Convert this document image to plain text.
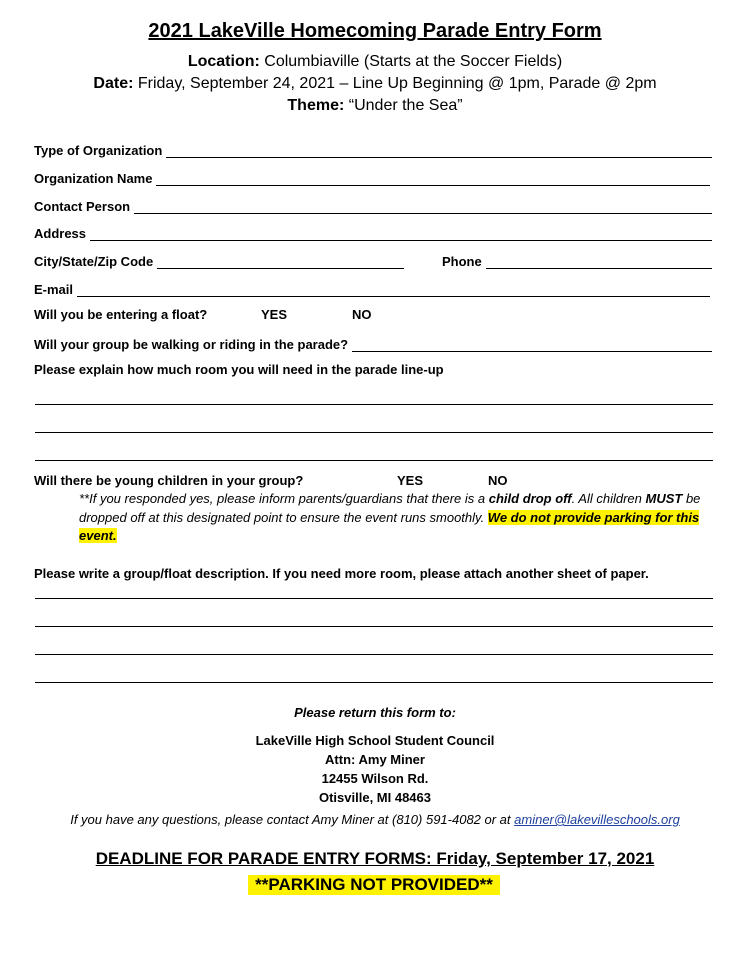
2021 LakeVille Homecoming Parade Entry Form
Location: Columbiaville (Starts at the Soccer Fields)
Date: Friday, September 24, 2021 – Line Up Beginning @ 1pm, Parade @ 2pm
Theme: “Under the Sea”
Type of Organization
Organization Name
Contact Person
Address
City/State/Zip Code	Phone
E-mail
Will you be entering a float?	YES	NO
Will your group be walking or riding in the parade?
Please explain how much room you will need in the parade line-up
Will there be young children in your group?	YES	NO
**If you responded yes, please inform parents/guardians that there is a child drop off. All children MUST be dropped off at this designated point to ensure the event runs smoothly. We do not provide parking for this event.
Please write a group/float description. If you need more room, please attach another sheet of paper.
Please return this form to:
LakeVille High School Student Council
Attn: Amy Miner
12455 Wilson Rd.
Otisville, MI 48463
If you have any questions, please contact Amy Miner at (810) 591-4082 or at aminer@lakevilleschools.org
DEADLINE FOR PARADE ENTRY FORMS: Friday, September 17, 2021
**PARKING NOT PROVIDED**
